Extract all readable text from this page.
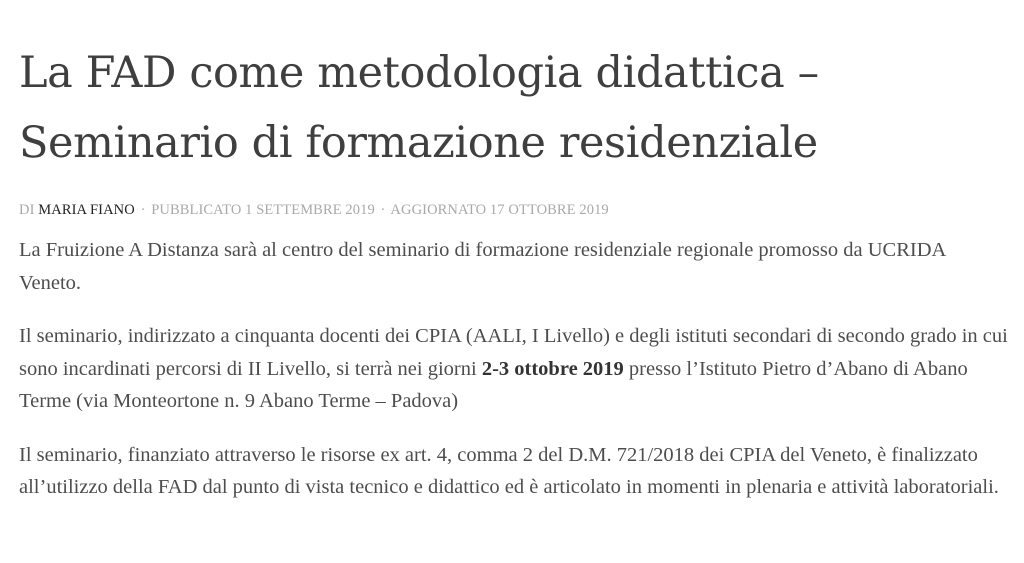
La FAD come metodologia didattica –
Seminario di formazione residenziale
DI MARIA FIANO · PUBBLICATO 1 SETTEMBRE 2019 · AGGIORNATO 17 OTTOBRE 2019

La Fruizione A Distanza sarà al centro del seminario di formazione residenziale regionale promosso da UCRIDA Veneto.

Il seminario, indirizzato a cinquanta docenti dei CPIA (AALI, I Livello) e degli istituti secondari di secondo grado in cui sono incardinati percorsi di II Livello, si terrà nei giorni 2-3 ottobre 2019 presso l’Istituto Pietro d’Abano di Abano Terme (via Monteortone n. 9 Abano Terme – Padova)

Il seminario, finanziato attraverso le risorse ex art. 4, comma 2 del D.M. 721/2018 dei CPIA del Veneto, è finalizzato all’utilizzo della FAD dal punto di vista tecnico e didattico ed è articolato in momenti in plenaria e attività laboratoriali.
